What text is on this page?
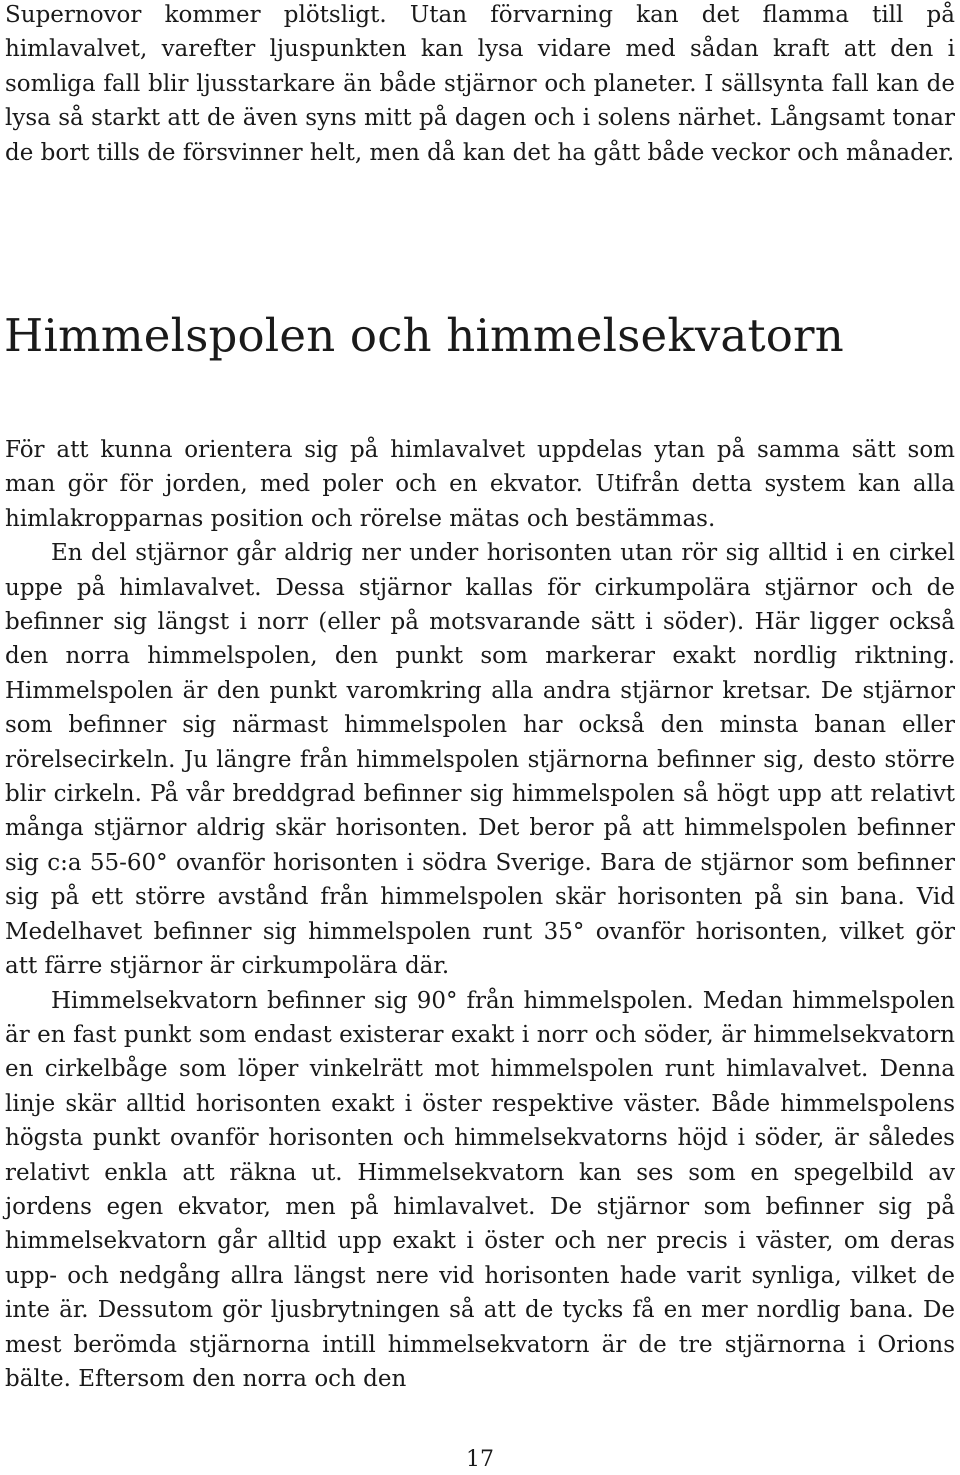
Supernovor kommer plötsligt. Utan förvarning kan det flamma till på himlavalvet, varefter ljuspunkten kan lysa vidare med sådan kraft att den i somliga fall blir ljusstarkare än både stjärnor och planeter. I sällsynta fall kan de lysa så starkt att de även syns mitt på dagen och i solens närhet. Långsamt tonar de bort tills de försvinner helt, men då kan det ha gått både veckor och månader.

Himmelspolen och himmelsekvatorn

För att kunna orientera sig på himlavalvet uppdelas ytan på samma sätt som man gör för jorden, med poler och en ekvator. Utifrån detta system kan alla himlakropparnas position och rörelse mätas och bestämmas.

En del stjärnor går aldrig ner under horisonten utan rör sig alltid i en cirkel uppe på himlavalvet. Dessa stjärnor kallas för cirkumpolära stjärnor och de befinner sig längst i norr (eller på motsvarande sätt i söder). Här ligger också den norra himmelspolen, den punkt som markerar exakt nordlig riktning. Himmelspolen är den punkt varomkring alla andra stjärnor kretsar. De stjärnor som befinner sig närmast himmelspolen har också den minsta banan eller rörelsecirkeln. Ju längre från himmelspolen stjärnorna befinner sig, desto större blir cirkeln. På vår breddgrad befinner sig himmelspolen så högt upp att relativt många stjärnor aldrig skär horisonten. Det beror på att himmelspolen befinner sig c:a 55-60° ovanför horisonten i södra Sverige. Bara de stjärnor som befinner sig på ett större avstånd från himmelspolen skär horisonten på sin bana. Vid Medelhavet befinner sig himmelspolen runt 35° ovanför horisonten, vilket gör att färre stjärnor är cirkumpolära där.

Himmelsekvatorn befinner sig 90° från himmelspolen. Medan himmelspolen är en fast punkt som endast existerar exakt i norr och söder, är himmelsekvatorn en cirkelbåge som löper vinkelrätt mot himmelspolen runt himlavalvet. Denna linje skär alltid horisonten exakt i öster respektive väster. Både himmelspolens högsta punkt ovanför horisonten och himmelsekvatorns höjd i söder, är således relativt enkla att räkna ut. Himmelsekvatorn kan ses som en spegelbild av jordens egen ekvator, men på himlavalvet. De stjärnor som befinner sig på himmelsekvatorn går alltid upp exakt i öster och ner precis i väster, om deras upp- och nedgång allra längst nere vid horisonten hade varit synliga, vilket de inte är. Dessutom gör ljusbrytningen så att de tycks få en mer nordlig bana. De mest berömda stjärnorna intill himmelsekvatorn är de tre stjärnorna i Orions bälte. Eftersom den norra och den

17
